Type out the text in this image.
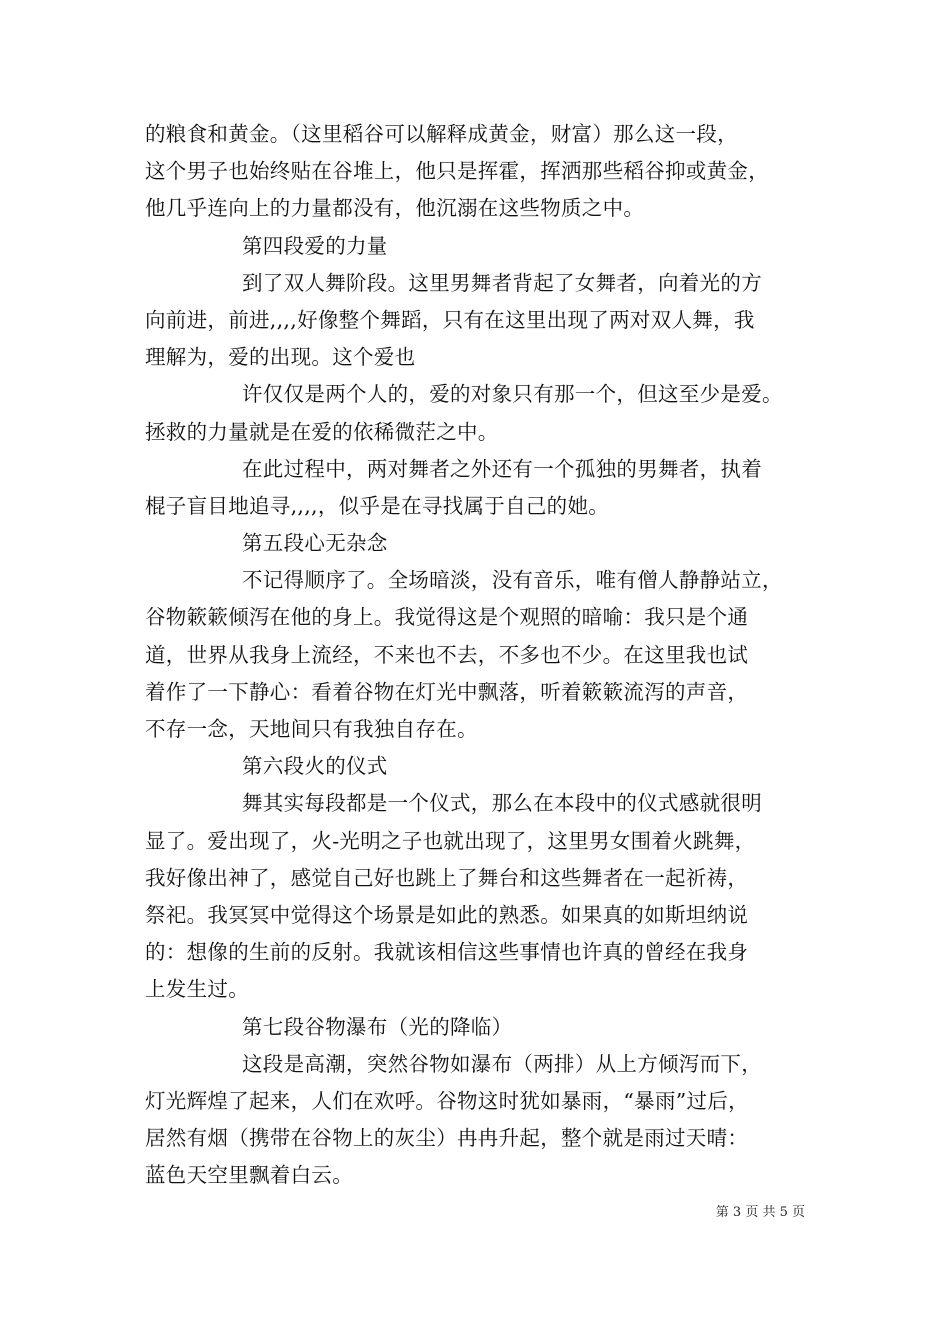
的粮食和黄金。（这里稻谷可以解释成黄金，财富）那么这一段，
这个男子也始终贴在谷堆上，他只是挥霍，挥洒那些稻谷抑或黄金，
他几乎连向上的力量都没有，他沉溺在这些物质之中。

第四段爱的力量

到了双人舞阶段。这里男舞者背起了女舞者，向着光的方
向前进，前进,,,,好像整个舞蹈，只有在这里出现了两对双人舞，我
理解为，爱的出现。这个爱也

许仅仅是两个人的，爱的对象只有那一个，但这至少是爱。
拯救的力量就是在爱的依稀微茫之中。

在此过程中，两对舞者之外还有一个孤独的男舞者，执着
棍子盲目地追寻,,,,，似乎是在寻找属于自己的她。

第五段心无杂念

不记得顺序了。全场暗淡，没有音乐，唯有僧人静静站立，
谷物簌簌倾泻在他的身上。我觉得这是个观照的暗喻：我只是个通
道，世界从我身上流经，不来也不去，不多也不少。在这里我也试
着作了一下静心：看着谷物在灯光中飘落，听着簌簌流泻的声音，
不存一念，天地间只有我独自存在。

第六段火的仪式

舞其实每段都是一个仪式，那么在本段中的仪式感就很明
显了。爱出现了，火-光明之子也就出现了，这里男女围着火跳舞，
我好像出神了，感觉自己好也跳上了舞台和这些舞者在一起祈祷，
祭祀。我冥冥中觉得这个场景是如此的熟悉。如果真的如斯坦纳说
的：想像的生前的反射。我就该相信这些事情也许真的曾经在我身
上发生过。

第七段谷物瀑布（光的降临）

这段是高潮，突然谷物如瀑布（两排）从上方倾泻而下，
灯光辉煌了起来，人们在欢呼。谷物这时犹如暴雨，“暴雨”过后，
居然有烟（携带在谷物上的灰尘）冉冉升起，整个就是雨过天晴：
蓝色天空里飘着白云。

第 3 页 共 5 页
